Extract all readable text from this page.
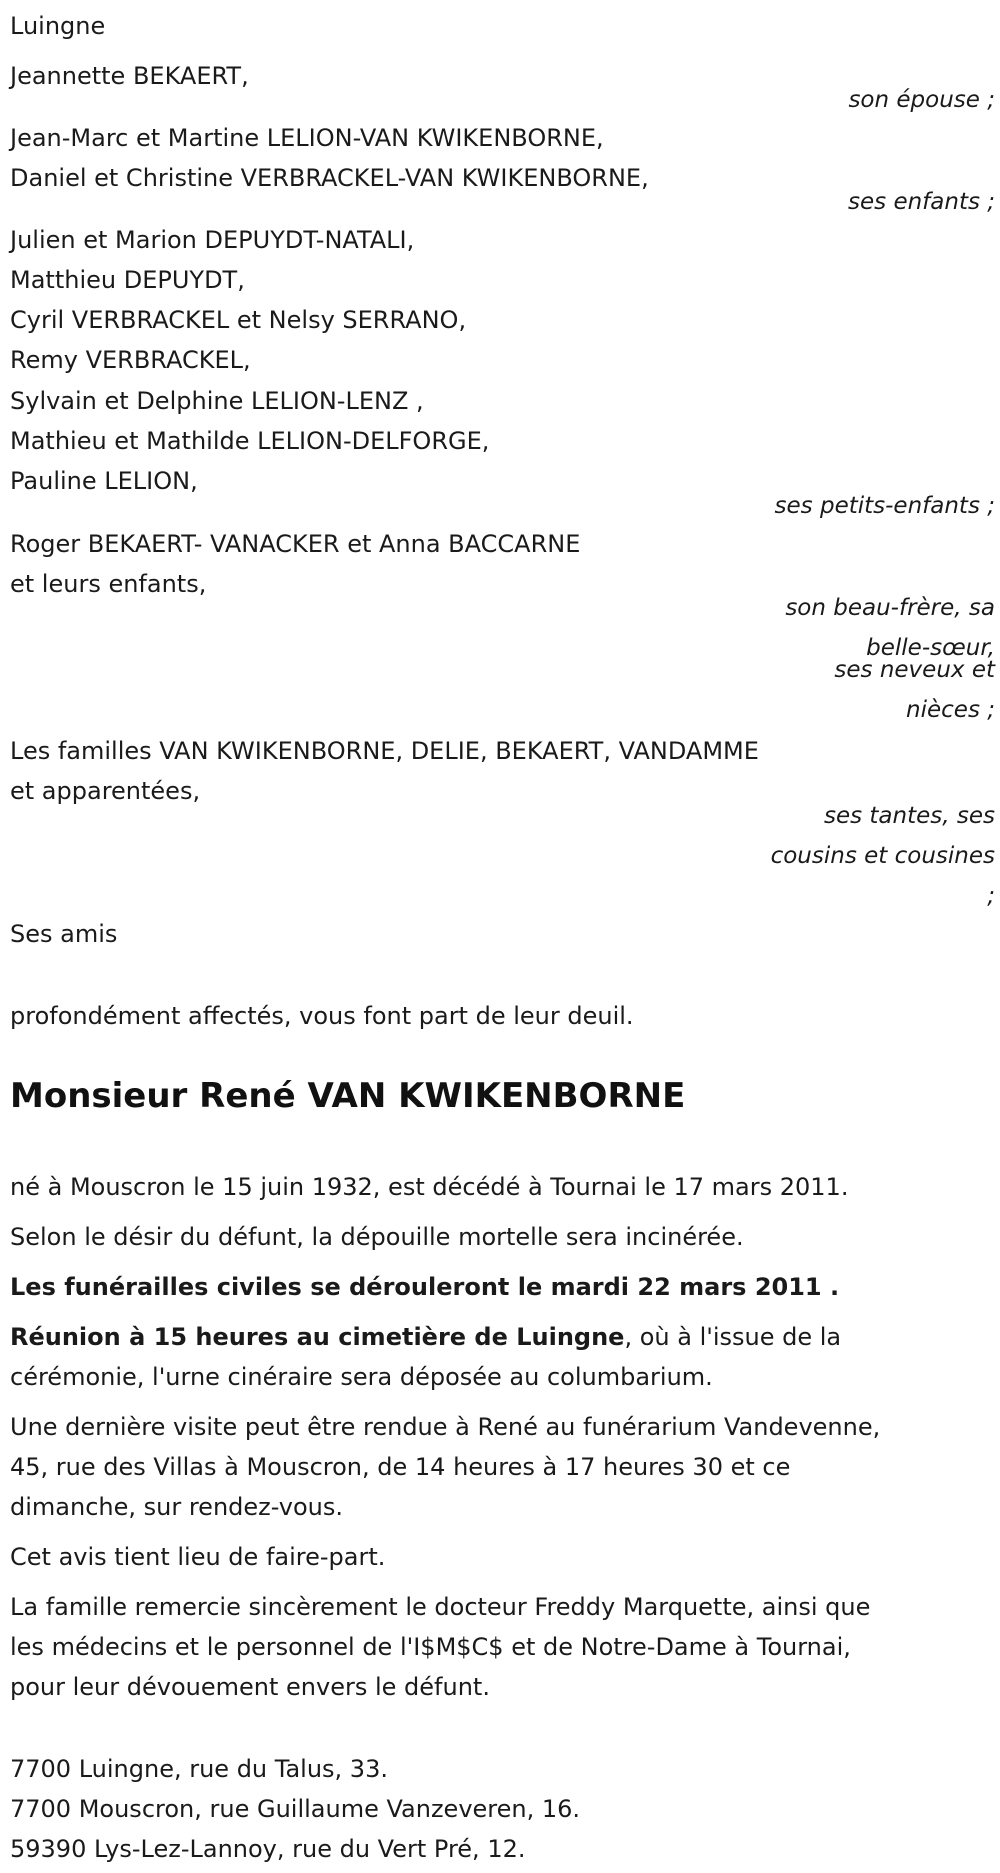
Luingne
Jeannette BEKAERT,
son épouse ;
Jean-Marc et Martine LELION-VAN KWIKENBORNE,
Daniel et Christine VERBRACKEL-VAN KWIKENBORNE,
ses enfants ;
Julien et Marion DEPUYDT-NATALI,
Matthieu DEPUYDT,
Cyril VERBRACKEL et Nelsy SERRANO,
Remy VERBRACKEL,
Sylvain et Delphine LELION-LENZ ,
Mathieu et Mathilde LELION-DELFORGE,
Pauline LELION,
ses petits-enfants ;
Roger BEKAERT- VANACKER et Anna BACCARNE
et leurs enfants,
son beau-frère, sa
belle-sœur,
ses neveux et
nièces ;
Les familles VAN KWIKENBORNE, DELIE, BEKAERT, VANDAMME
et apparentées,
ses tantes, ses
cousins et cousines
;
Ses amis
profondément affectés, vous font part de leur deuil.
Monsieur René VAN KWIKENBORNE
né à Mouscron le 15 juin 1932, est décédé à Tournai le 17 mars 2011.
Selon le désir du défunt, la dépouille mortelle sera incinérée.
Les funérailles civiles se dérouleront le mardi 22 mars 2011 .
Réunion à 15 heures au cimetière de Luingne, où à l'issue de la
cérémonie, l'urne cinéraire sera déposée au columbarium.
Une dernière visite peut être rendue à René au funérarium Vandevenne,
45, rue des Villas à Mouscron, de 14 heures à 17 heures 30 et ce
dimanche, sur rendez-vous.
Cet avis tient lieu de faire-part.
La famille remercie sincèrement le docteur Freddy Marquette, ainsi que
les médecins et le personnel de l'I$M$C$ et de Notre-Dame à Tournai,
pour leur dévouement envers le défunt.
7700 Luingne, rue du Talus, 33.
7700 Mouscron, rue Guillaume Vanzeveren, 16.
59390 Lys-Lez-Lannoy, rue du Vert Pré, 12.
